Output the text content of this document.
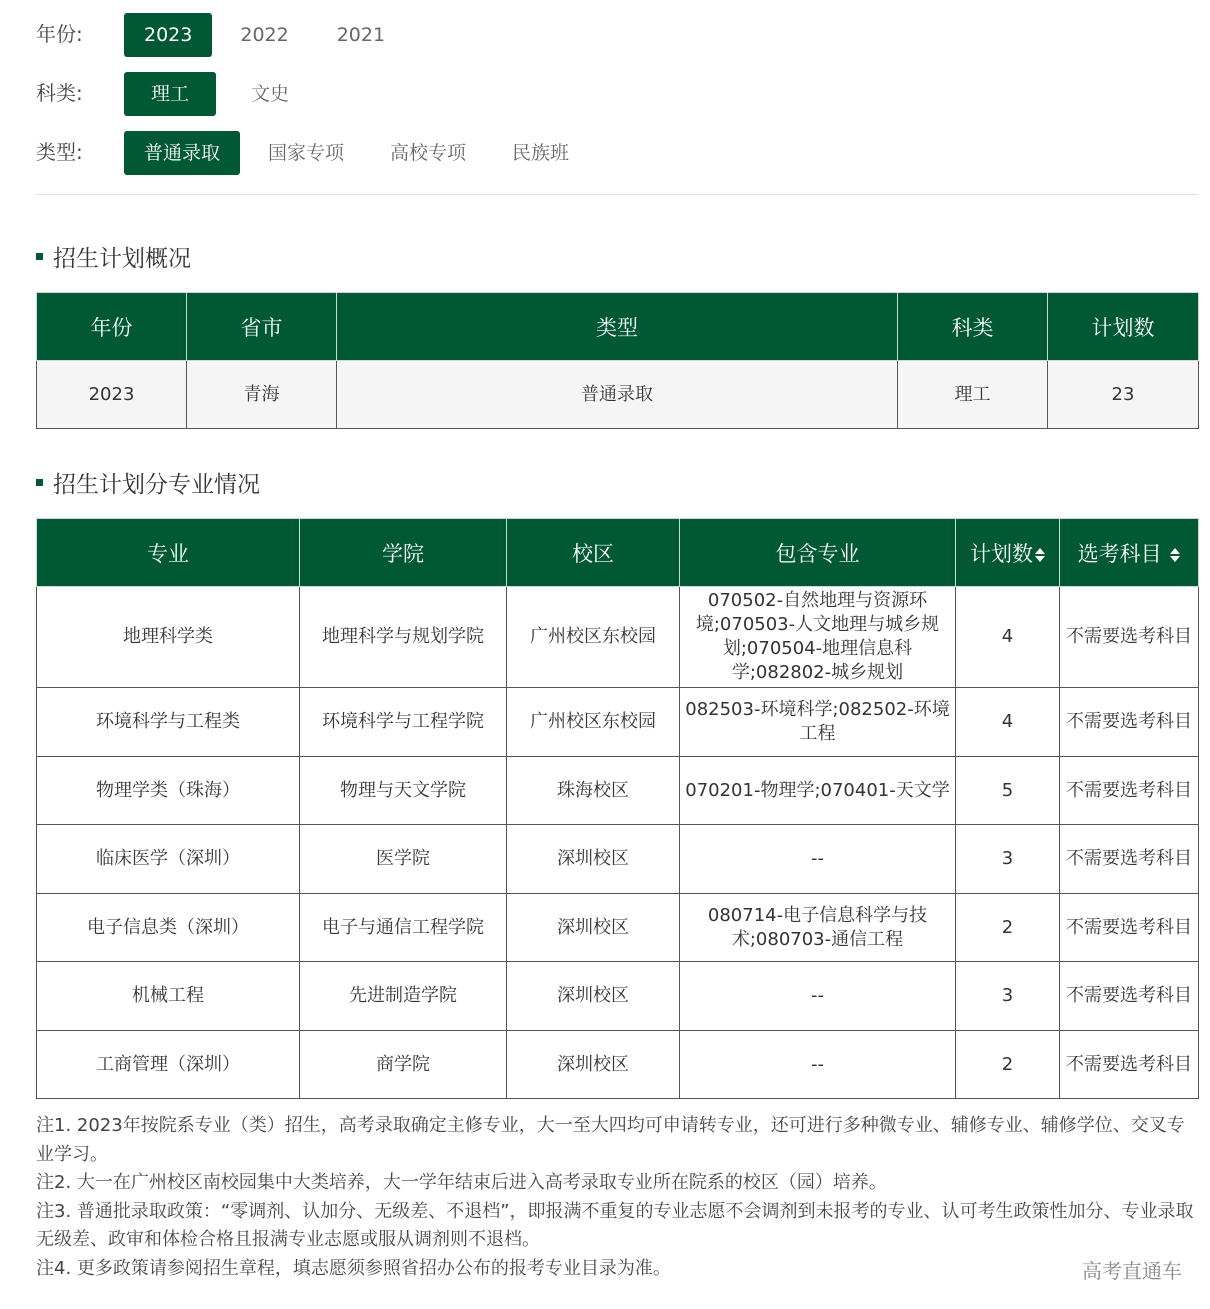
年份:	2023	2022	2021
科类:	理工	文史
类型:	普通录取	国家专项	高校专项	民族班
招生计划概况
年份	省市	类型	科类	计划数
2023	青海	普通录取	理工	23
招生计划分专业情况
专业	学院	校区	包含专业	计划数	选考科目
地理科学类	地理科学与规划学院	广州校区东校园	070502-自然地理与资源环境;070503-人文地理与城乡规划;070504-地理信息科学;082802-城乡规划	4	不需要选考科目
环境科学与工程类	环境科学与工程学院	广州校区东校园	082503-环境科学;082502-环境工程	4	不需要选考科目
物理学类（珠海）	物理与天文学院	珠海校区	070201-物理学;070401-天文学	5	不需要选考科目
临床医学（深圳）	医学院	深圳校区	--	3	不需要选考科目
电子信息类（深圳）	电子与通信工程学院	深圳校区	080714-电子信息科学与技术;080703-通信工程	2	不需要选考科目
机械工程	先进制造学院	深圳校区	--	3	不需要选考科目
工商管理（深圳）	商学院	深圳校区	--	2	不需要选考科目
注1. 2023年按院系专业（类）招生，高考录取确定主修专业，大一至大四均可申请转专业，还可进行多种微专业、辅修专业、辅修学位、交叉专业学习。
注2. 大一在广州校区南校园集中大类培养，大一学年结束后进入高考录取专业所在院系的校区（园）培养。
注3. 普通批录取政策：“零调剂、认加分、无级差、不退档”，即报满不重复的专业志愿不会调剂到未报考的专业、认可考生政策性加分、专业录取无级差、政审和体检合格且报满专业志愿或服从调剂则不退档。
注4. 更多政策请参阅招生章程，填志愿须参照省招办公布的报考专业目录为准。	高考直通车
